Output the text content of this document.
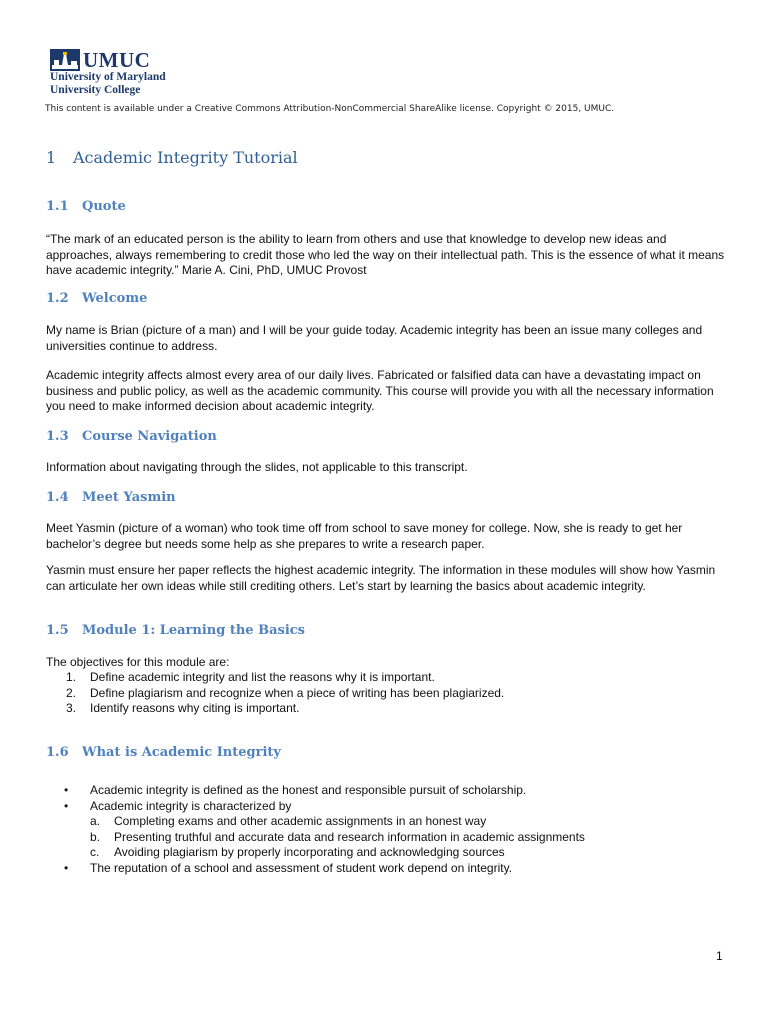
UMUC
University of Maryland
University College
This content is available under a Creative Commons Attribution-NonCommercial ShareAlike license. Copyright © 2015, UMUC.
1 Academic Integrity Tutorial
1.1 Quote

“The mark of an educated person is the ability to learn from others and use that knowledge to develop new ideas and approaches, always remembering to credit those who led the way on their intellectual path. This is the essence of what it means have academic integrity.” Marie A. Cini, PhD, UMUC Provost

1.2 Welcome

My name is Brian (picture of a man) and I will be your guide today. Academic integrity has been an issue many colleges and universities continue to address.

Academic integrity affects almost every area of our daily lives. Fabricated or falsified data can have a devastating impact on business and public policy, as well as the academic community. This course will provide you with all the necessary information you need to make informed decision about academic integrity.

1.3 Course Navigation

Information about navigating through the slides, not applicable to this transcript.

1.4 Meet Yasmin

Meet Yasmin (picture of a woman) who took time off from school to save money for college. Now, she is ready to get her bachelor’s degree but needs some help as she prepares to write a research paper.

Yasmin must ensure her paper reflects the highest academic integrity. The information in these modules will show how Yasmin can articulate her own ideas while still crediting others. Let’s start by learning the basics about academic integrity.

1.5 Module 1: Learning the Basics

The objectives for this module are:

1.	Define academic integrity and list the reasons why it is important.
2.	Define plagiarism and recognize when a piece of writing has been plagiarized.
3.	Identify reasons why citing is important.
1.6 What is Academic Integrity
•	Academic integrity is defined as the honest and responsible pursuit of scholarship.
•	Academic integrity is characterized by
a.	Completing exams and other academic assignments in an honest way
b.	Presenting truthful and accurate data and research information in academic assignments
c.	Avoiding plagiarism by properly incorporating and acknowledging sources
•	The reputation of a school and assessment of student work depend on integrity.
1
